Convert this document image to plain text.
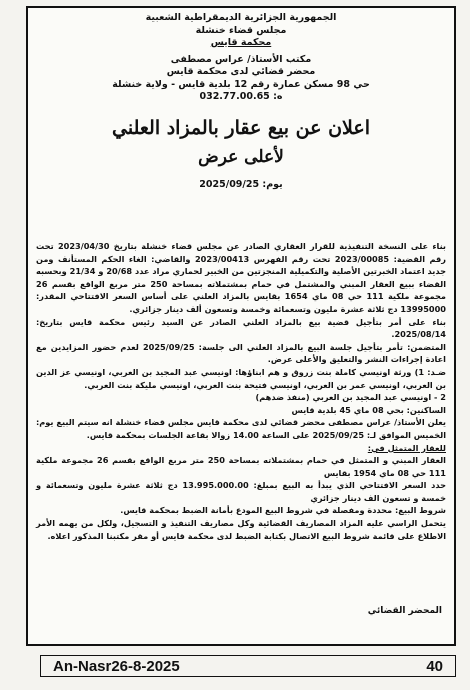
الجمهورية الجزائرية الديمقراطية الشعبية
مجلس قضاء خنشلة
محكمة قايس
مكتب الأستاذ/ عراس مصطفى
محضر قضائي لدى محكمة قايس
حي 98 مسكن عمارة رقم 12 بلدية قايس - ولاية خنشلة
ه: 032.77.00.65
اعلان عن بيع عقار بالمزاد العلني
لأعلى عرض
يوم: 2025/09/25

بناء على النسخة التنفيذية للقرار العقاري الصادر عن مجلس قضاء خنشلة بتاريخ 2023/04/30 تحت رقم القضية: 2023/00085 تحت رقم الفهرس 2023/00413 والقاضي: الغاء الحكم المستأنف ومن جديد اعتماد الخبرتين الأصلية والتكميلية المنجزتين من الخبير لحماري مراد عدد 20/68 و 21/34 وبحسبه القضاء ببيع العقار المبني والمشتمل في حمام بمشتملاته بمساحة 250 متر مربع الواقع بقسم 26 مجموعة ملكية 111 حي 08 ماي 1654 بقايس بالمزاد العلني على أساس السعر الافتتاحي المقدر: 13995000 دج ثلاثة عشرة مليون وتسعمائة وخمسة وتسعون ألف دينار جزائري.

بناء على أمر بتأجيل قضية بيع بالمزاد العلني الصادر عن السيد رئيس محكمة قايس بتاريخ: 2025/08/14.

المتضمن: تأمر بتأجيل جلسة البيع بالمزاد العلني الى جلسة: 2025/09/25 لعدم حضور المزايدين مع اعادة إجراءات النشر والتعليق والأعلى عرض.

ضـد: 1) ورثة اونيسي كاملة بنت زروق و هم ابناؤها: اونيسي عبد المجيد بن العربي، اونيسي عز الدين بن العربي، اونيسي عمر بن العربي، اونيسي فتيحة بنت العربي، اونيسي مليكة بنت العربي.

2 - اونيسي عبد المجيد بن العربي (منفذ ضدهم)

الساكنين: بحي 08 ماي 45 بلدية قايس

يعلن الأستاذ/ عراس مصطفى محضر قضائي لدى محكمة قايس مجلس قضاء خنشلة انه سيتم البيع يوم: الخميس الموافق لـ: 2025/09/25 على الساعة 14.00 زوالا بقاعة الجلسات بمحكمة قايس.

للعقار المتمثل في:

العقار المبني و المتمثل في حمام بمشتملاته بمساحة 250 متر مربع الواقع بقسم 26 مجموعة ملكية 111 حي 08 ماي 1954 بقايس

حدد السعر الافتتاحي الذي يبدأ به البيع بمبلغ: 13.995.000.00 دج ثلاثة عشرة مليون وتسعمائة و خمسة و تسعون الف دينار جزائري

شروط البيع: محددة ومفصلة في شروط البيع المودع بأمانة الضبط بمحكمة قايس.

يتحمل الراسي عليه المزاد المصاريف القضائية وكل مصاريف التنفيذ و التسجيل، ولكل من يهمه الأمر الاطلاع على قائمة شروط البيع الاتصال بكتابة الضبط لدى محكمة قايس أو مقر مكتبنا المذكور اعلاه.

المحضر القضائي
An-Nasr26-8-2025	40
